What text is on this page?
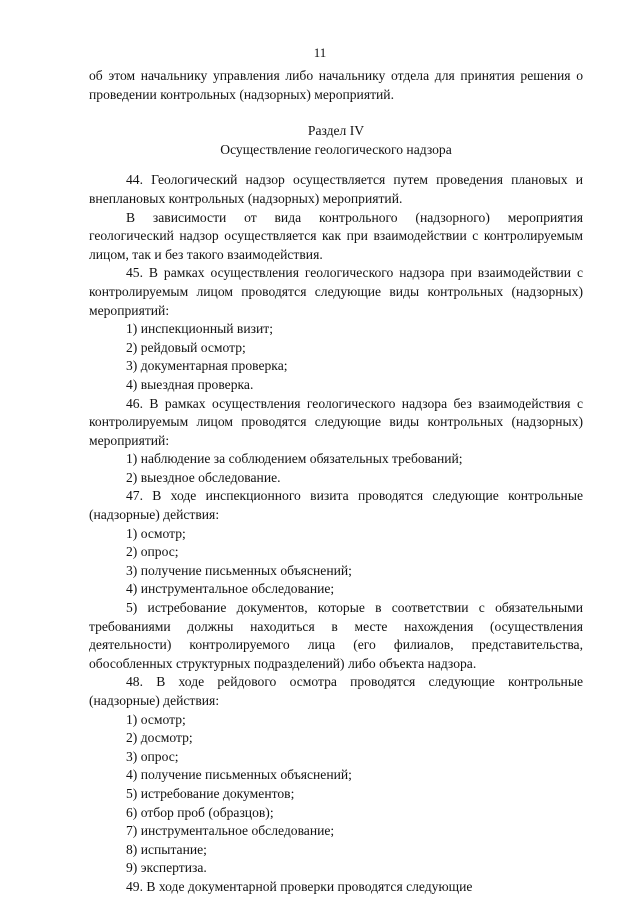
11

об этом начальнику управления либо начальнику отдела для принятия решения о проведении контрольных (надзорных) мероприятий.

Раздел IV

Осуществление геологического надзора

44. Геологический надзор осуществляется путем проведения плановых и внеплановых контрольных (надзорных) мероприятий.

В зависимости от вида контрольного (надзорного) мероприятия геологический надзор осуществляется как при взаимодействии с контролируемым лицом, так и без такого взаимодействия.

45. В рамках осуществления геологического надзора при взаимодействии с контролируемым лицом проводятся следующие виды контрольных (надзорных) мероприятий:

1) инспекционный визит;

2) рейдовый осмотр;

3) документарная проверка;

4) выездная проверка.

46. В рамках осуществления геологического надзора без взаимодействия с контролируемым лицом проводятся следующие виды контрольных (надзорных) мероприятий:

1) наблюдение за соблюдением обязательных требований;

2) выездное обследование.

47. В ходе инспекционного визита проводятся следующие контрольные (надзорные) действия:

1) осмотр;

2) опрос;

3) получение письменных объяснений;

4) инструментальное обследование;

5) истребование документов, которые в соответствии с обязательными требованиями должны находиться в месте нахождения (осуществления деятельности) контролируемого лица (его филиалов, представительства, обособленных структурных подразделений) либо объекта надзора.

48. В ходе рейдового осмотра проводятся следующие контрольные (надзорные) действия:

1) осмотр;

2) досмотр;

3) опрос;

4) получение письменных объяснений;

5) истребование документов;

6) отбор проб (образцов);

7) инструментальное обследование;

8) испытание;

9) экспертиза.

49. В ходе документарной проверки проводятся следующие
